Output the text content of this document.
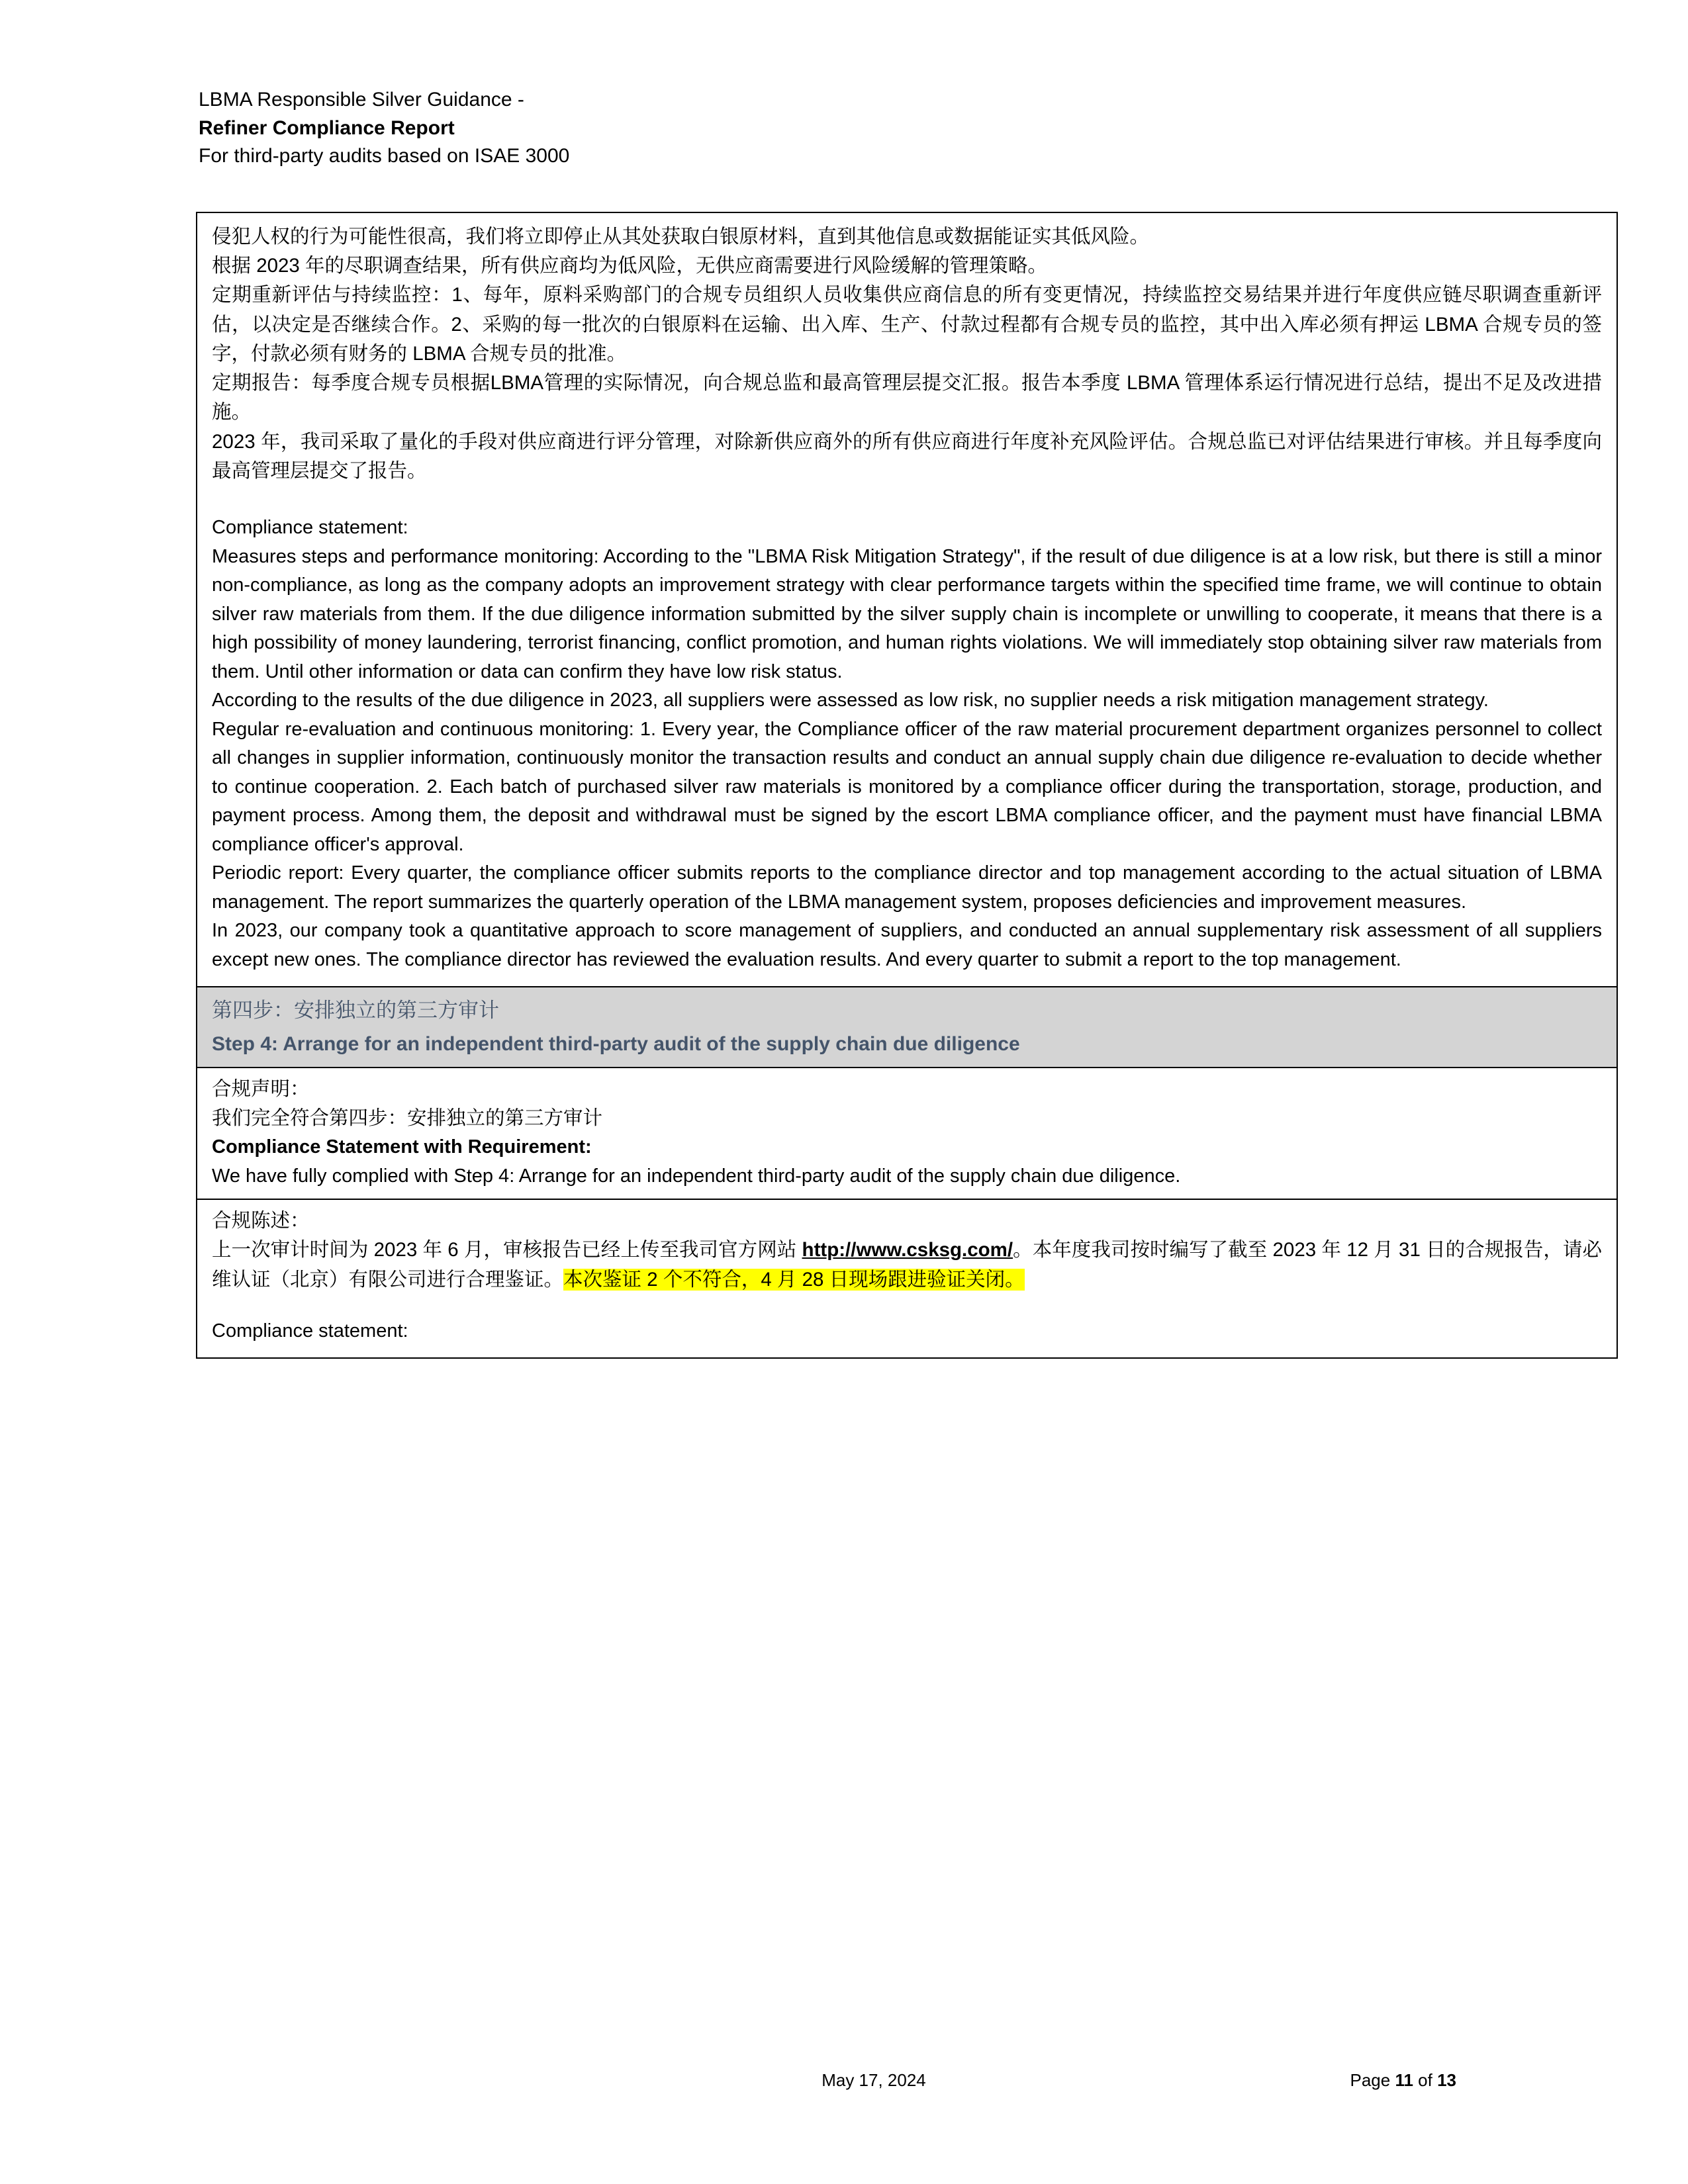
LBMA Responsible Silver Guidance -
Refiner Compliance Report
For third-party audits based on ISAE 3000

侵犯人权的行为可能性很高，我们将立即停止从其处获取白银原材料，直到其他信息或数据能证实其低风险。

根据 2023 年的尽职调查结果，所有供应商均为低风险，无供应商需要进行风险缓解的管理策略。

定期重新评估与持续监控：1、每年，原料采购部门的合规专员组织人员收集供应商信息的所有变更情况，持续监控交易结果并进行年度供应链尽职调查重新评估，以决定是否继续合作。2、采购的每一批次的白银原料在运输、出入库、生产、付款过程都有合规专员的监控，其中出入库必须有押运 LBMA 合规专员的签字，付款必须有财务的 LBMA 合规专员的批准。

定期报告：每季度合规专员根据LBMA管理的实际情况，向合规总监和最高管理层提交汇报。报告本季度 LBMA 管理体系运行情况进行总结，提出不足及改进措施。

2023 年，我司采取了量化的手段对供应商进行评分管理，对除新供应商外的所有供应商进行年度补充风险评估。合规总监已对评估结果进行审核。并且每季度向最高管理层提交了报告。

Compliance statement:

Measures steps and performance monitoring: According to the "LBMA Risk Mitigation Strategy", if the result of due diligence is at a low risk, but there is still a minor non-compliance, as long as the company adopts an improvement strategy with clear performance targets within the specified time frame, we will continue to obtain silver raw materials from them. If the due diligence information submitted by the silver supply chain is incomplete or unwilling to cooperate, it means that there is a high possibility of money laundering, terrorist financing, conflict promotion, and human rights violations. We will immediately stop obtaining silver raw materials from them. Until other information or data can confirm they have low risk status.

According to the results of the due diligence in 2023, all suppliers were assessed as low risk, no supplier needs a risk mitigation management strategy.

Regular re-evaluation and continuous monitoring: 1. Every year, the Compliance officer of the raw material procurement department organizes personnel to collect all changes in supplier information, continuously monitor the transaction results and conduct an annual supply chain due diligence re-evaluation to decide whether to continue cooperation. 2. Each batch of purchased silver raw materials is monitored by a compliance officer during the transportation, storage, production, and payment process. Among them, the deposit and withdrawal must be signed by the escort LBMA compliance officer, and the payment must have financial LBMA compliance officer's approval.

Periodic report: Every quarter, the compliance officer submits reports to the compliance director and top management according to the actual situation of LBMA management. The report summarizes the quarterly operation of the LBMA management system, proposes deficiencies and improvement measures.

In 2023, our company took a quantitative approach to score management of suppliers, and conducted an annual supplementary risk assessment of all suppliers except new ones. The compliance director has reviewed the evaluation results. And every quarter to submit a report to the top management.

第四步：安排独立的第三方审计
Step 4: Arrange for an independent third-party audit of the supply chain due diligence

合规声明：
我们完全符合第四步：安排独立的第三方审计
Compliance Statement with Requirement:
We have fully complied with Step 4: Arrange for an independent third-party audit of the supply chain due diligence.

合规陈述：
上一次审计时间为 2023 年 6 月，审核报告已经上传至我司官方网站 http://www.csksg.com/。本年度我司按时编写了截至 2023 年 12 月 31 日的合规报告，请必维认证（北京）有限公司进行合理鉴证。本次鉴证 2 个不符合，4 月 28 日现场跟进验证关闭。
Compliance statement:
May 17, 2024	Page 11 of 13
